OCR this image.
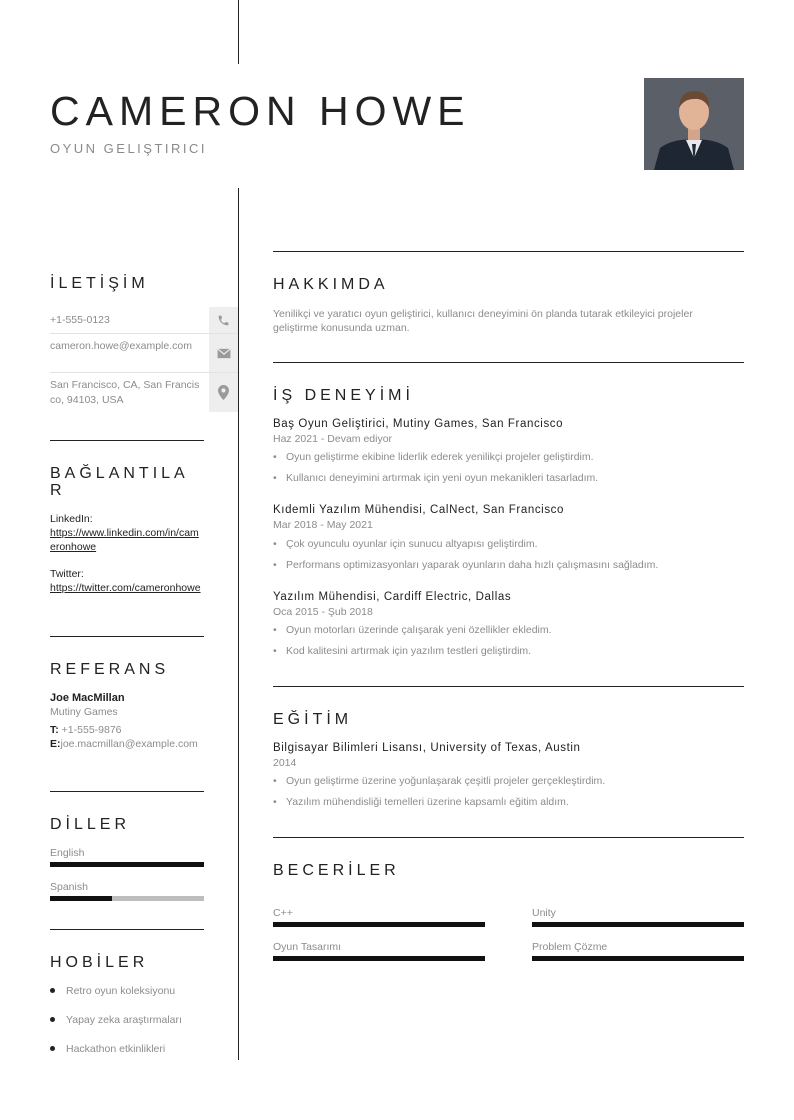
CAMERON HOWE
OYUN GELIŞTIRICI
İLETİŞİM
+1-555-0123
cameron.howe@example.com
San Francisco, CA, San Francisco, 94103, USA
BAĞLANTILAR
LinkedIn:
https://www.linkedin.com/in/cameronhowe
Twitter:
https://twitter.com/cameronhowe
REFERANS
Joe MacMillan
Mutiny Games
T: +1-555-9876
E:joe.macmillan@example.com
DİLLER
English
Spanish
HOBİLER
Retro oyun koleksiyonu
Yapay zeka araştırmaları
Hackathon etkinlikleri
HAKKIMDA
Yenilikçi ve yaratıcı oyun geliştirici, kullanıcı deneyimini ön planda tutarak etkileyici projeler geliştirme konusunda uzman.
İŞ DENEYİMİ
Baş Oyun Geliştirici, Mutiny Games, San Francisco
Haz 2021 - Devam ediyor
• Oyun geliştirme ekibine liderlik ederek yenilikçi projeler geliştirdim.
• Kullanıcı deneyimini artırmak için yeni oyun mekanikleri tasarladım.
Kıdemli Yazılım Mühendisi, CalNect, San Francisco
Mar 2018 - May 2021
• Çok oyunculu oyunlar için sunucu altyapısı geliştirdim.
• Performans optimizasyonları yaparak oyunların daha hızlı çalışmasını sağladım.
Yazılım Mühendisi, Cardiff Electric, Dallas
Oca 2015 - Şub 2018
• Oyun motorları üzerinde çalışarak yeni özellikler ekledim.
• Kod kalitesini artırmak için yazılım testleri geliştirdim.
EĞİTİM
Bilgisayar Bilimleri Lisansı, University of Texas, Austin
2014
• Oyun geliştirme üzerine yoğunlaşarak çeşitli projeler gerçekleştirdim.
• Yazılım mühendisliği temelleri üzerine kapsamlı eğitim aldım.
BECERİLER
C++	Unity
Oyun Tasarımı	Problem Çözme
